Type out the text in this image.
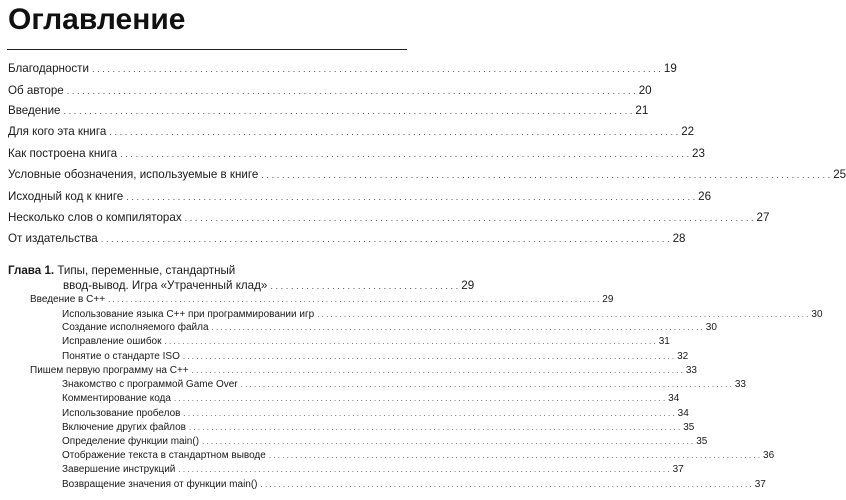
Оглавление
Благодарности . . .	19
Об авторе . . .	20
Введение . . .	21
Для кого эта книга . . .	22
Как построена книга . . .	23
Условные обозначения, используемые в книге . . .	25
Исходный код к книге . . .	26
Несколько слов о компиляторах . . .	27
От издательства . . .	28
Глава 1. Типы, переменные, стандартный
ввод-вывод. Игра «Утраченный клад» . . . . . . . . . . . . . . . . . . . . . . . . . . . . . . . . . . . . . 29
Введение в C++ . . .	29
Использование языка C++ при программировании игр . . .	30
Создание исполняемого файла . . .	30
Исправление ошибок . . .	31
Понятие о стандарте ISO . . .	32
Пишем первую программу на C++ . . .	33
Знакомство с программой Game Over . . .	33
Комментирование кода . . .	34
Использование пробелов . . .	34
Включение других файлов . . .	35
Определение функции main() . . .	35
Отображение текста в стандартном выводе . . .	36
Завершение инструкций . . .	37
Возвращение значения от функции main() . . .	37
